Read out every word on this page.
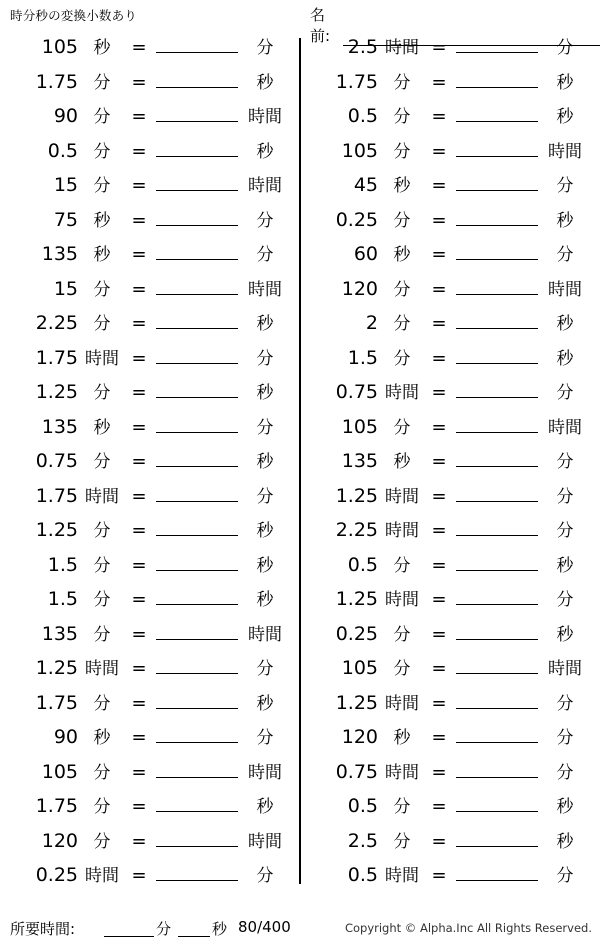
時分秒の変換小数あり	名前:
105 秒	=	分
1.75 分	=	秒
90 分	=	時間
0.5 分	=	秒
15 分	=	時間
75 秒	=	分
135 秒	=	分
15 分	=	時間
2.25 分	=	秒
1.75 時間 =	分
1.25 分	=	秒
135 秒	=	分
0.75 分	=	秒
1.75 時間 =	分
1.25 分	=	秒
1.5 分	=	秒
1.5 分	=	秒
135 分	=	時間
1.25 時間 =	分
1.75 分	=	秒
90 秒	=	分
105 分	=	時間
1.75 分	=	秒
120 分	=	時間
0.25 時間 =	分
2.5 時間 =	分
1.75 分	=	秒
0.5 分	=	秒
105 分	=	時間
45 秒	=	分
0.25 分	=	秒
60 秒	=	分
120 分	=	時間
2 分	=	秒
1.5 分	=	秒
0.75 時間 =	分
105 分	=	時間
135 秒	=	分
1.25 時間 =	分
2.25 時間 =	分
0.5 分	=	秒
1.25 時間 =	分
0.25 分	=	秒
105 分	=	時間
1.25 時間 =	分
120 秒	=	分
0.75 時間 =	分
0.5 分	=	秒
2.5 分	=	秒
0.5 時間 =	分
所要時間:	分	秒 80/400	Copyright © Alpha.Inc All Rights Reserved.
